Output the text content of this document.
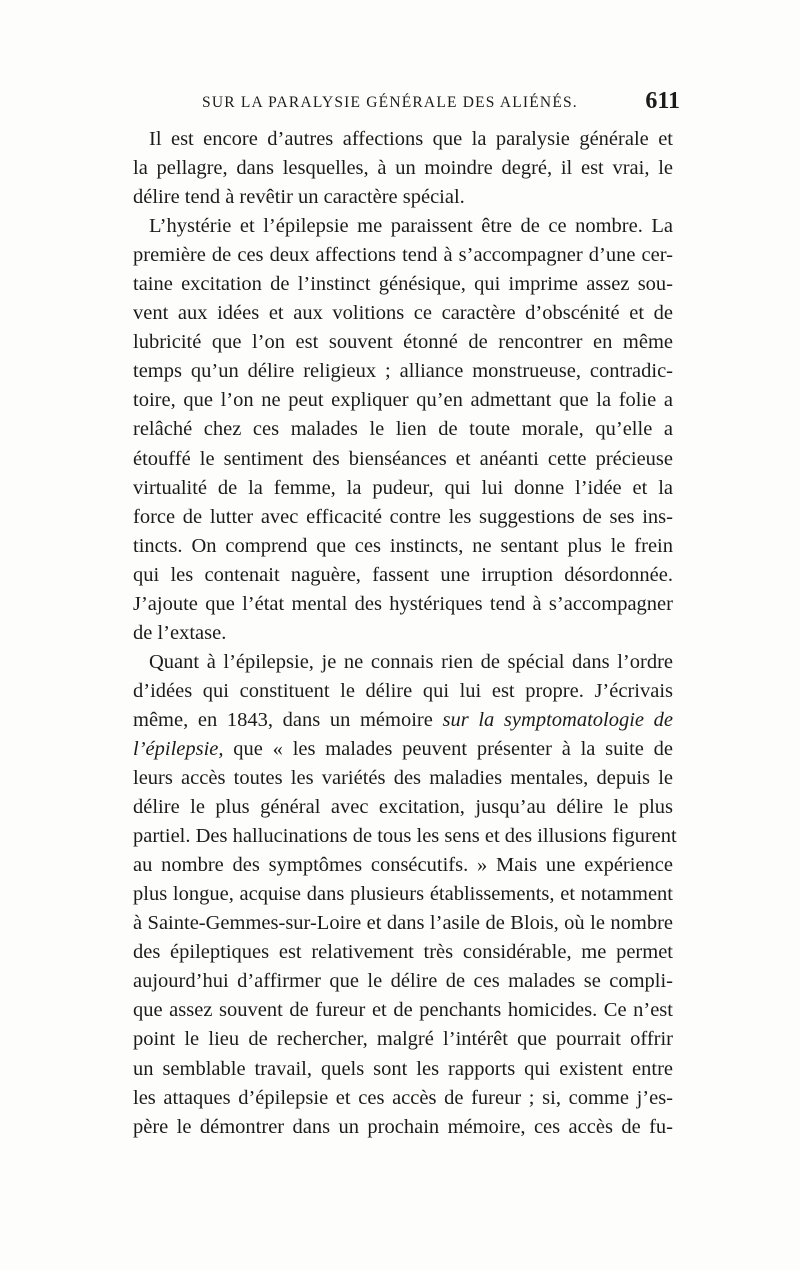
SUR LA PARALYSIE GÉNÉRALE DES ALIÉNÉS.	611
Il est encore d’autres affections que la paralysie générale et
la pellagre, dans lesquelles, à un moindre degré, il est vrai, le
délire tend à revêtir un caractère spécial.
L’hystérie et l’épilepsie me paraissent être de ce nombre. La
première de ces deux affections tend à s’accompagner d’une cer-
taine excitation de l’instinct génésique, qui imprime assez sou-
vent aux idées et aux volitions ce caractère d’obscénité et de
lubricité que l’on est souvent étonné de rencontrer en même
temps qu’un délire religieux ; alliance monstrueuse, contradic-
toire, que l’on ne peut expliquer qu’en admettant que la folie a
relâché chez ces malades le lien de toute morale, qu’elle a
étouffé le sentiment des bienséances et anéanti cette précieuse
virtualité de la femme, la pudeur, qui lui donne l’idée et la
force de lutter avec efficacité contre les suggestions de ses ins-
tincts. On comprend que ces instincts, ne sentant plus le frein
qui les contenait naguère, fassent une irruption désordonnée.
J’ajoute que l’état mental des hystériques tend à s’accompagner
de l’extase.
Quant à l’épilepsie, je ne connais rien de spécial dans l’ordre
d’idées qui constituent le délire qui lui est propre. J’écrivais
même, en 1843, dans un mémoire sur la symptomatologie de
l’épilepsie, que « les malades peuvent présenter à la suite de
leurs accès toutes les variétés des maladies mentales, depuis le
délire le plus général avec excitation, jusqu’au délire le plus
partiel. Des hallucinations de tous les sens et des illusions figurent
au nombre des symptômes consécutifs. » Mais une expérience
plus longue, acquise dans plusieurs établissements, et notamment
à Sainte-Gemmes-sur-Loire et dans l’asile de Blois, où le nombre
des épileptiques est relativement très considérable, me permet
aujourd’hui d’affirmer que le délire de ces malades se compli-
que assez souvent de fureur et de penchants homicides. Ce n’est
point le lieu de rechercher, malgré l’intérêt que pourrait offrir
un semblable travail, quels sont les rapports qui existent entre
les attaques d’épilepsie et ces accès de fureur ; si, comme j’es-
père le démontrer dans un prochain mémoire, ces accès de fu-
